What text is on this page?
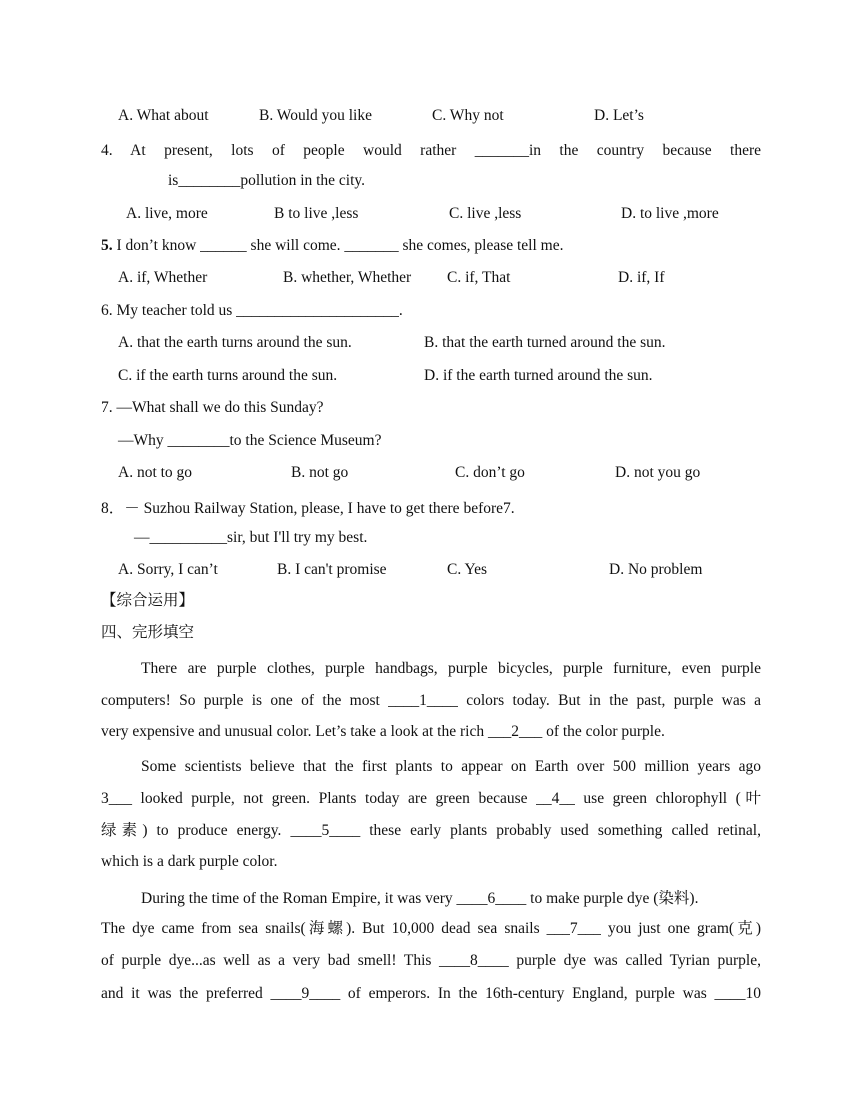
A. What about	B. Would you like	C. Why not	D. Let’s
4. At present, lots of people would rather _______in the country because there
is________pollution in the city.
A. live, more	B to live ,less	C. live ,less	D. to live ,more
5. I don’t know ______ she will come. _______ she comes, please tell me.
A. if, Whether	B. whether, Whether C. if, That	D. if, If
6. My teacher told us _____________________.
A. that the earth turns around the sun.	B. that the earth turned around the sun.
C. if the earth turns around the sun.	D. if the earth turned around the sun.
7. —What shall we do this Sunday?
—Why ________to the Science Museum?
A. not to go	B. not go	C. don’t go	D. not you go
8．－ Suzhou Railway Station, please, I have to get there before7.
—__________sir, but I'll try my best.
A. Sorry, I can’t	B. I can't promise	C. Yes	D. No problem
【综合运用】
四、完形填空
There are purple clothes, purple handbags, purple bicycles, purple furniture, even purple
computers! So purple is one of the most ____1____ colors today. But in the past, purple was a
very expensive and unusual color. Let’s take a look at the rich ___2___ of the color purple.
Some scientists believe that the first plants to appear on Earth over 500 million years ago
3___ looked purple, not green. Plants today are green because __4__ use green chlorophyll (叶
绿素) to produce energy. ____5____ these early plants probably used something called retinal,
which is a dark purple color.
During the time of the Roman Empire, it was very ____6____ to make purple dye (染料).
The dye came from sea snails(海螺). But 10,000 dead sea snails ___7___ you just one gram(克)
of purple dye...as well as a very bad smell! This ____8____ purple dye was called Tyrian purple,
and it was the preferred ____9____ of emperors. In the 16th-century England, purple was ____10
